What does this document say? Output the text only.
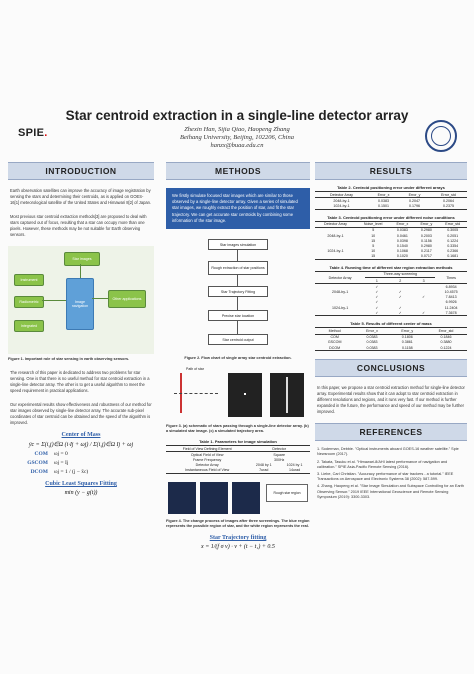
SPIE.
Star centroid extraction in a single-line detector array
Zhexin Han, Sijia Qiao, Haopeng Zhang
Beihang University, Beijing, 102206, China
hanzx@buaa.edu.cn
INTRODUCTION
Earth observation satellites can improve the accuracy of image registration by sensing the stars and determining their centroids, as is applied on GOES-16[1] meteorological satellite of the United States and Himawari 8[2] of Japan.
Most previous star centroid extraction methods[3] are proposed to deal with stars captured out of focus, resulting that a star can occupy more than one pixels. However, these methods may be not suitable for Earth observing sensors.
Star images
Instrument
Radiometric
Integrated
Image navigation
Other applications
Figure 1. Important role of star sensing in earth observing sensors.
The research of this paper is dedicated to address two problems for star sensing. One is that there is no useful method for star centroid extraction in a single-line detector array. The other is to get a useful algorithm to meet the speed requirement in practical applications.
Our experimental results show effectiveness and robustness of our method for star images observed by single-line detector array. The accurate sub-pixel coordinates of star centroid can be obtained and the speed of the algorithm is improved.
Center of Mass
ȳc = Σ(i,j)∈Ω (i·Ij + ωj) / Σ(i,j)∈Ω Ij + ωj
COM	ωj = 0
GSCOM	ωj = Ij
DCOM	ωj = 1 / (j − x̄c)
Cubic Least Squares Fitting
min (y − g(t))
METHODS
We firstly simulate focused star images which are similar to those observed by a single-line detector array. Given a series of simulated star images, we roughly extract the position of star, and fit the star trajectory. We can get accurate star centroids by combining some information of the star image.
Star images simulation
Rough extraction of star positions
Star Trajectory Fitting
Precise star location
Star centroid output
Figure 2. Flow chart of single array star centroid extraction.
Path of star
Figure 3. (a) schematic of stars passing through a single-line detector array. (b) a simulated star image. (c) a simulated trajectory area.
Table 1. Parameters for image simulation
Field of View Defining Element	Detector	
Optical Field of View	Square	
Frame Frequency	300Hz	
Detector Array	2048 by 1	1024 by 1
Instantaneous Field of View	7urad	14urad
Rough star region
Figure 4. The change process of images after three screenings. The blue region represents the possible region of star, and the white region represents the real.
Star Trajectory fitting
x = 1/(f σ v) · v + (t − t₁) + 0.5
RESULTS
Table 2. Centroid positioning error under different arrays
Detector Array	Error_x	Error_y	Error_std
2048-by-1	0.0383	0.2047	0.2064
1024-by-1	0.1501	0.1796	0.2375
Table 3. Centroid positioning error under different noise conditions
Detector Array	Noise_level	Error_x	Error_y	Error_std
	5	0.0383	0.2980	0.3005
2048-by-1	10	0.0461	0.2003	0.2051
	15	0.0398	0.1156	0.1224
	5	0.1540	0.2980	0.3354
1024-by-1	10	0.1068	0.2117	0.2366
	15	0.1020	0.0717	0.1681
Table 4. Running time of different star region extraction methods
Detector Array	Three-way screening			Times
	1	2	3	
	✓			6.8934
2048-by-1	✓	✓		10.4575
	✓	✓	✓	7.8413
	✓			6.9926
1024-by-1	✓	✓		11.2404
	✓	✓	✓	7.3678
Table 5. Results of different center of mass
Method	Error_x	Error_y	Error_std
COM	0.0383	0.1806	0.1846
GSCOM	0.0383	0.3861	0.3880
DCOM	0.0383	0.1158	0.1224
CONCLUSIONS
In this paper, we propose a star centroid extraction method for single-line detector array. Experimental results show that it can adopt to star centroid extraction in different resolutions and regions, and it runs very fast. If our method is further expanded in the future, the performance and speed of our method may be further improved.
REFERENCES
1. Soderman, Debbie. "Optical instruments aboard GOES-16 weather satellite." Spie Newsroom (2017).
2. Takata, Tasuku et al. "Himawari-8/AHI latest performance of navigation and calibration." SPIE Asia-Pacific Remote Sensing (2016).
3. Liebe, Carl Christian. "Accuracy performance of star trackers - a tutorial." IEEE Transactions on Aerospace and Electronic Systems 38 (2002): 587-599.
4. Zhang, Haopeng et al. "Star Image Simulation and Subspace Controlling for an Earth Observing Sensor." 2019 IEEE International Geoscience and Remote Sensing Symposium (2019): 3300-3303.
